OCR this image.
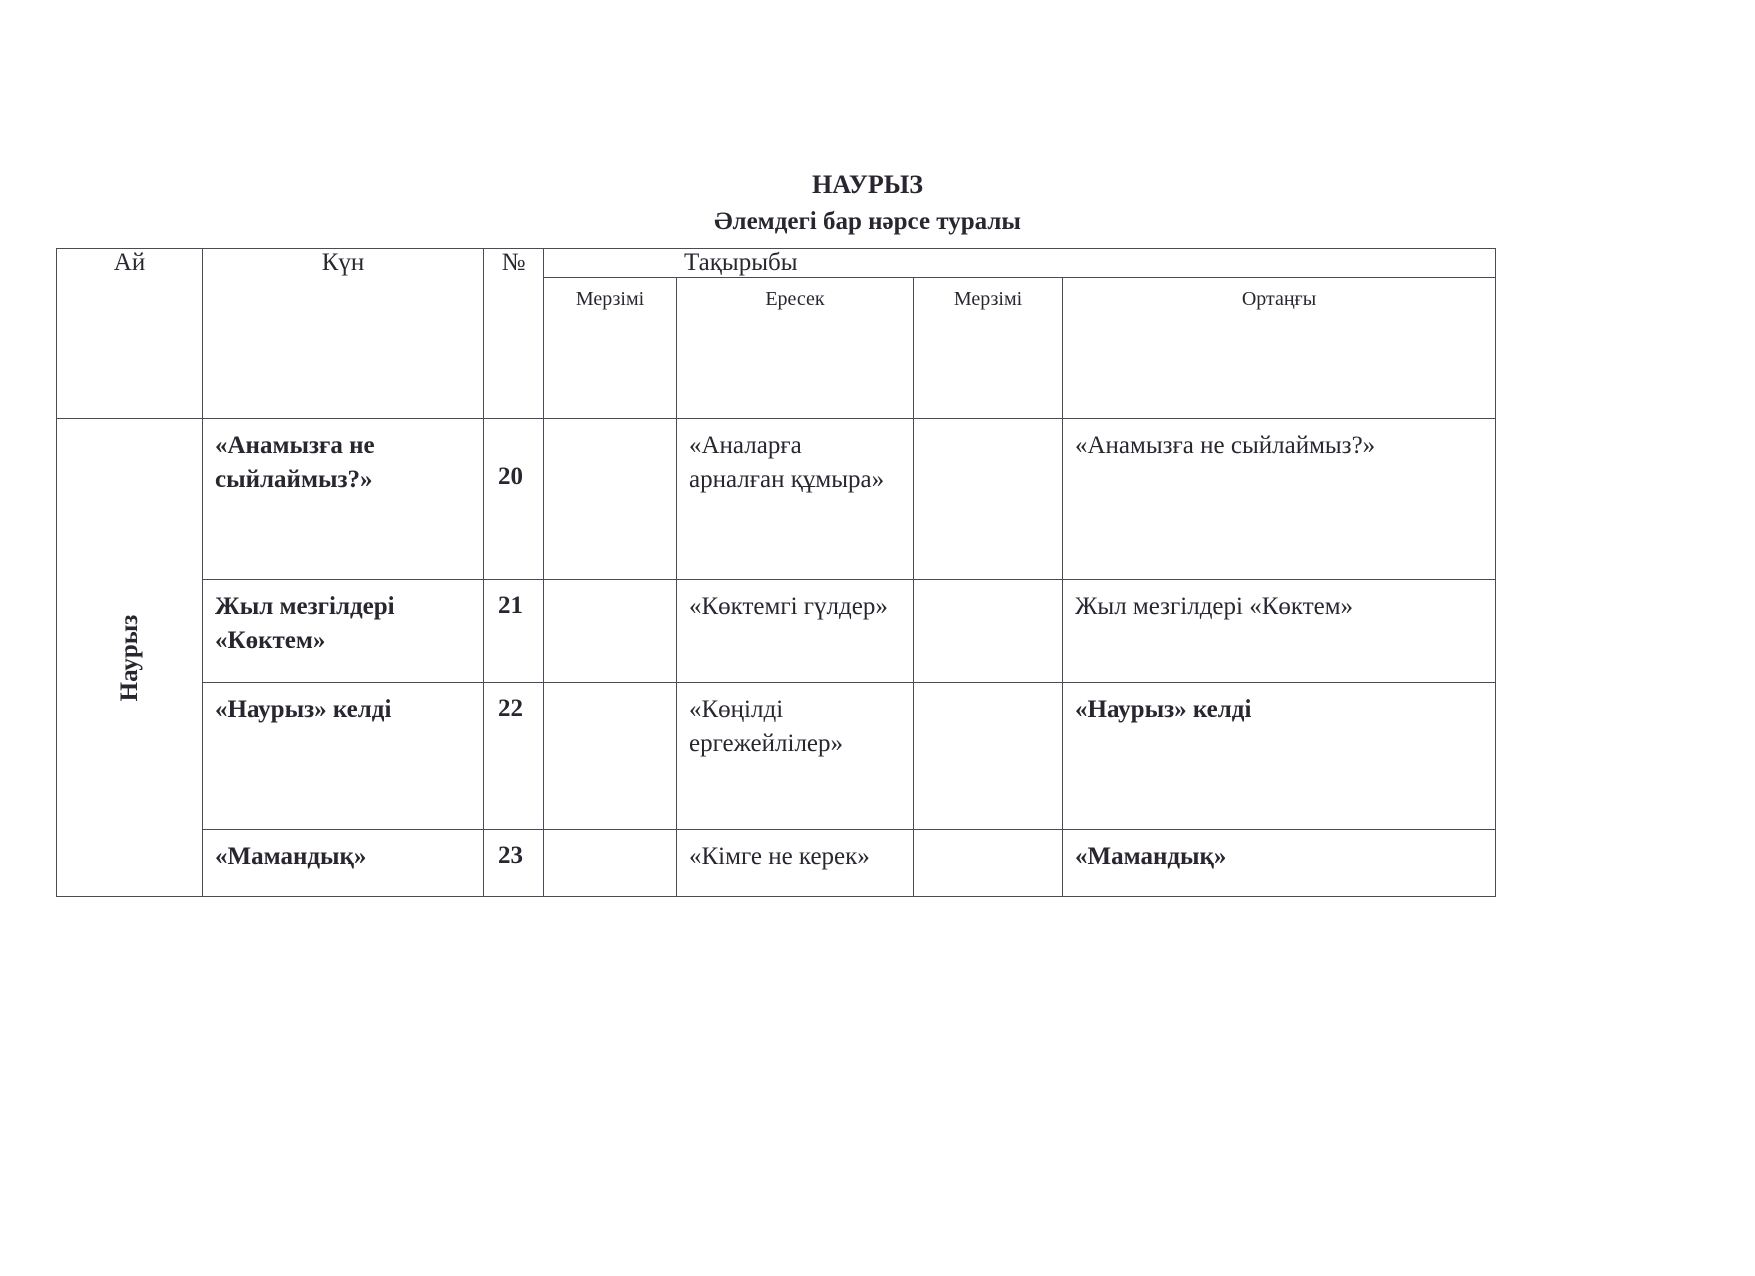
НАУРЫЗ
Әлемдегі бар нәрсе туралы
Ай	Күн	№	Тақырыбы			
			Мерзімі	Ересек	Мерзімі	Ортаңғы

Наурыз	«Анамызға не сыйлаймыз?»	20		«Аналарға арналған құмыра»		«Анамызға не сыйлаймыз?»

	Жыл мезгілдері «Көктем»	21		«Көктемгі гүлдер»		Жыл мезгілдері «Көктем»

	«Наурыз» келді	22		«Көңілді ергежейлілер»		«Наурыз» келді

	«Мамандық»	23		«Кімге не керек»		«Мамандық»
